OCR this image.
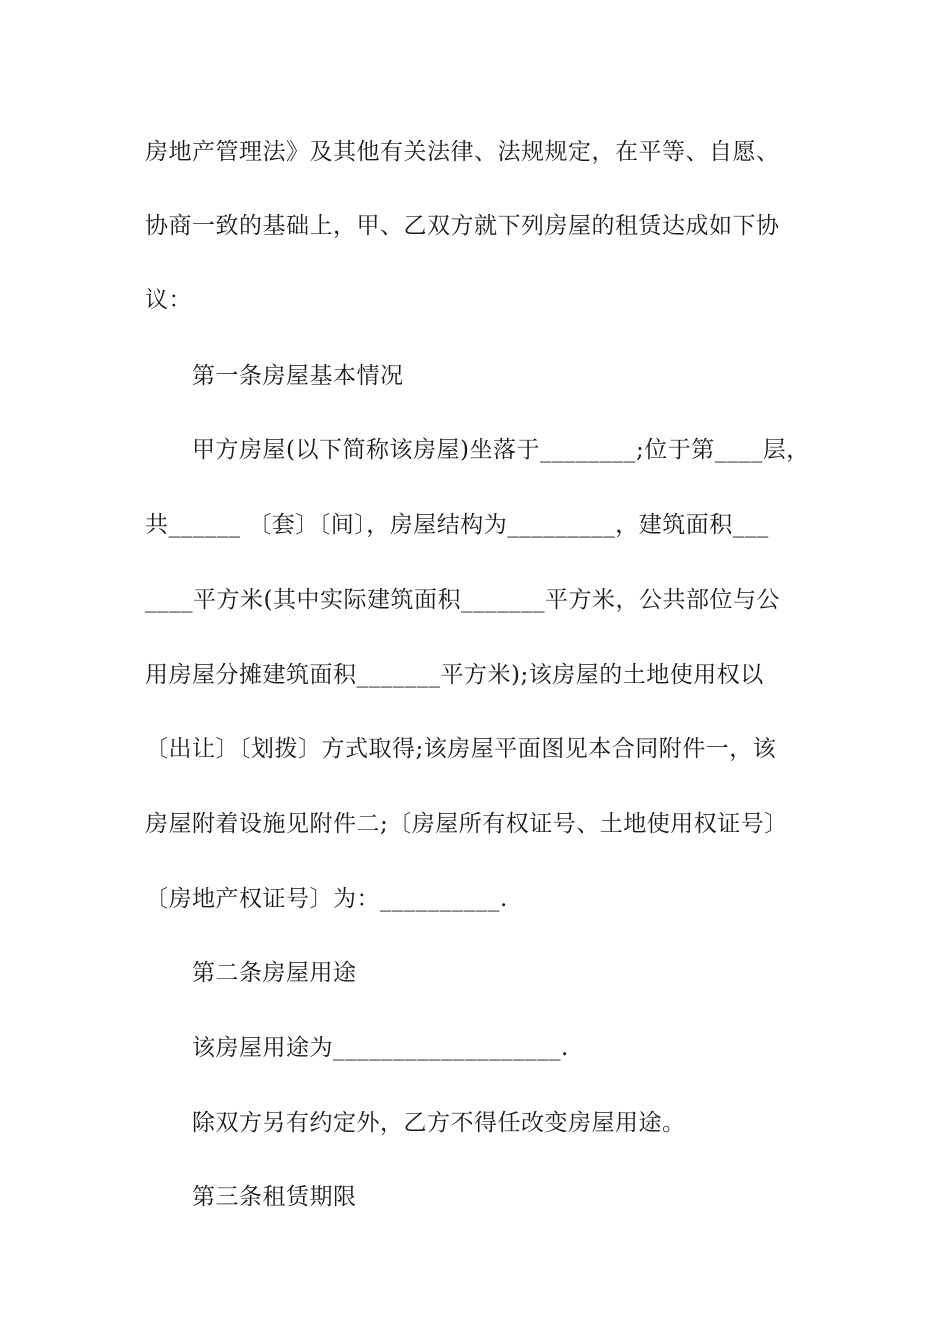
房地产管理法》及其他有关法律、法规规定，在平等、自愿、
协商一致的基础上，甲、乙双方就下列房屋的租赁达成如下协
议：
第一条房屋基本情况
甲方房屋(以下简称该房屋)坐落于________;位于第____层，
共______ 〔套〕〔间〕，房屋结构为_________，建筑面积___
____平方米(其中实际建筑面积_______平方米，公共部位与公
用房屋分摊建筑面积_______平方米);该房屋的土地使用权以
〔出让〕〔划拨〕方式取得;该房屋平面图见本合同附件一，该
房屋附着设施见附件二;〔房屋所有权证号、土地使用权证号〕
〔房地产权证号〕为：__________.
第二条房屋用途
该房屋用途为___________________.
除双方另有约定外，乙方不得任改变房屋用途。
第三条租赁期限
